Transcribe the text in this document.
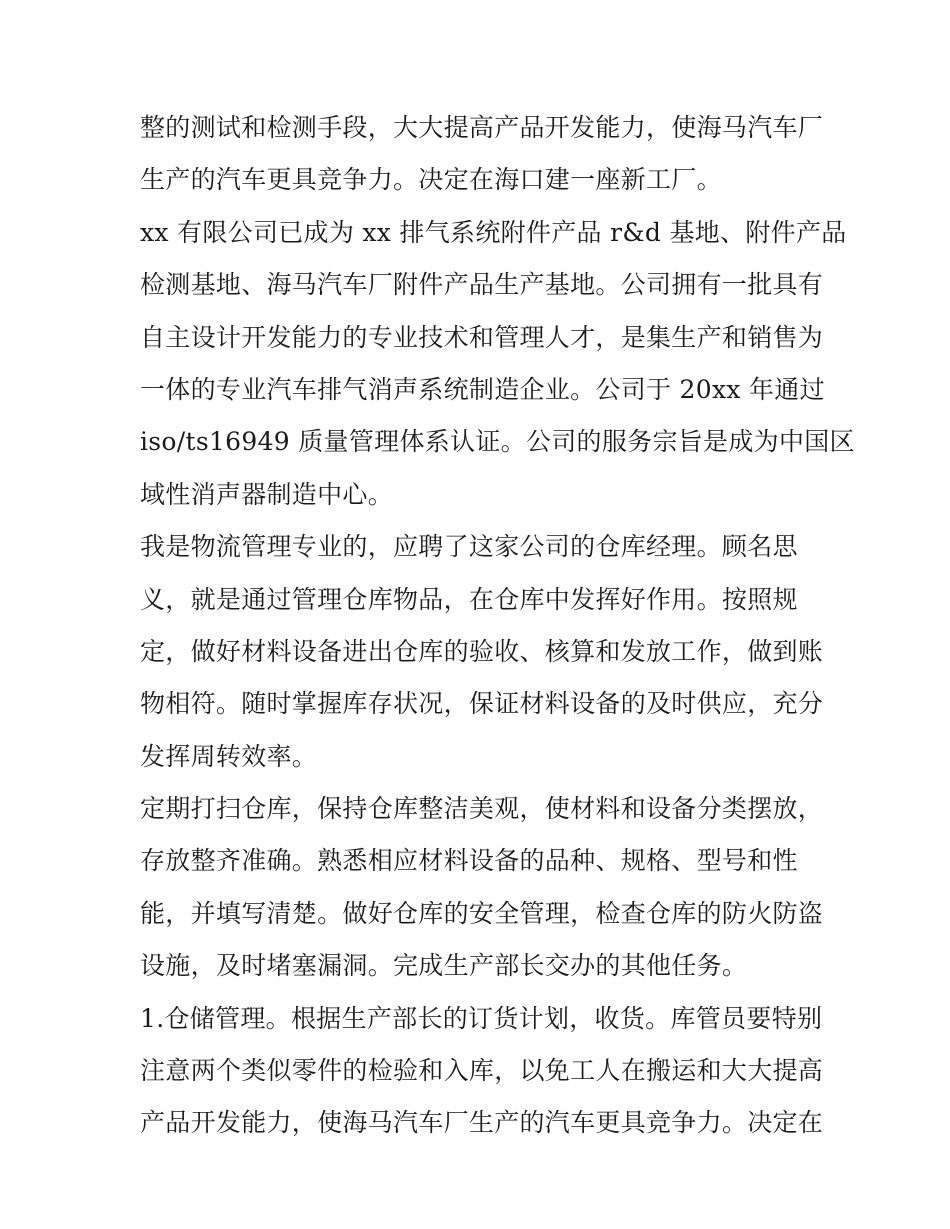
整的测试和检测手段，大大提高产品开发能力，使海马汽车厂
生产的汽车更具竞争力。决定在海口建一座新工厂。
xx 有限公司已成为 xx 排气系统附件产品 r&d 基地、附件产品
检测基地、海马汽车厂附件产品生产基地。公司拥有一批具有
自主设计开发能力的专业技术和管理人才，是集生产和销售为
一体的专业汽车排气消声系统制造企业。公司于 20xx 年通过
iso/ts16949 质量管理体系认证。公司的服务宗旨是成为中国区
域性消声器制造中心。
我是物流管理专业的，应聘了这家公司的仓库经理。顾名思
义，就是通过管理仓库物品，在仓库中发挥好作用。按照规
定，做好材料设备进出仓库的验收、核算和发放工作，做到账
物相符。随时掌握库存状况，保证材料设备的及时供应，充分
发挥周转效率。
定期打扫仓库，保持仓库整洁美观，使材料和设备分类摆放，
存放整齐准确。熟悉相应材料设备的品种、规格、型号和性
能，并填写清楚。做好仓库的安全管理，检查仓库的防火防盗
设施，及时堵塞漏洞。完成生产部长交办的其他任务。
1.仓储管理。根据生产部长的订货计划，收货。库管员要特别
注意两个类似零件的检验和入库，以免工人在搬运和大大提高
产品开发能力，使海马汽车厂生产的汽车更具竞争力。决定在
